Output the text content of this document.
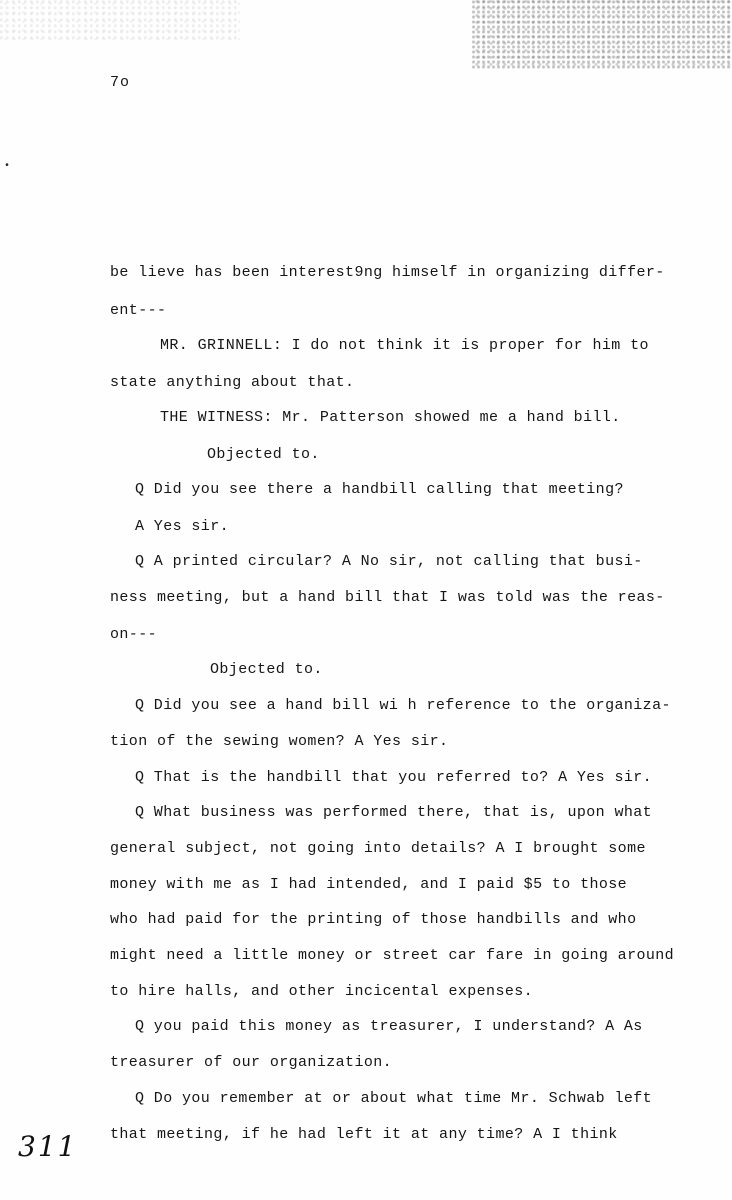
7o
•
be lieve has been interest9ng himself in organizing differ-
ent---
MR. GRINNELL: I do not think it is proper for him to
state anything about that.
THE WITNESS: Mr. Patterson showed me a hand bill.
Objected to.
Q Did you see there a handbill calling that meeting?
A Yes sir.
Q A printed circular? A No sir, not calling that busi-
ness meeting, but a hand bill that I was told was the reas-
on---
Objected to.
Q Did you see a hand bill wi h reference to the organiza-
tion of the sewing women? A Yes sir.
Q That is the handbill that you referred to? A Yes sir.
Q What business was performed there, that is, upon what
general subject, not going into details? A I brought some
money with me as I had intended, and I paid $5 to those
who had paid for the printing of those handbills and who
might need a little money or street car fare in going around
to hire halls, and other incicental expenses.
Q you paid this money as treasurer, I understand? A As
treasurer of our organization.
Q Do you remember at or about what time Mr. Schwab left
that meeting, if he had left it at any time? A I think
311
